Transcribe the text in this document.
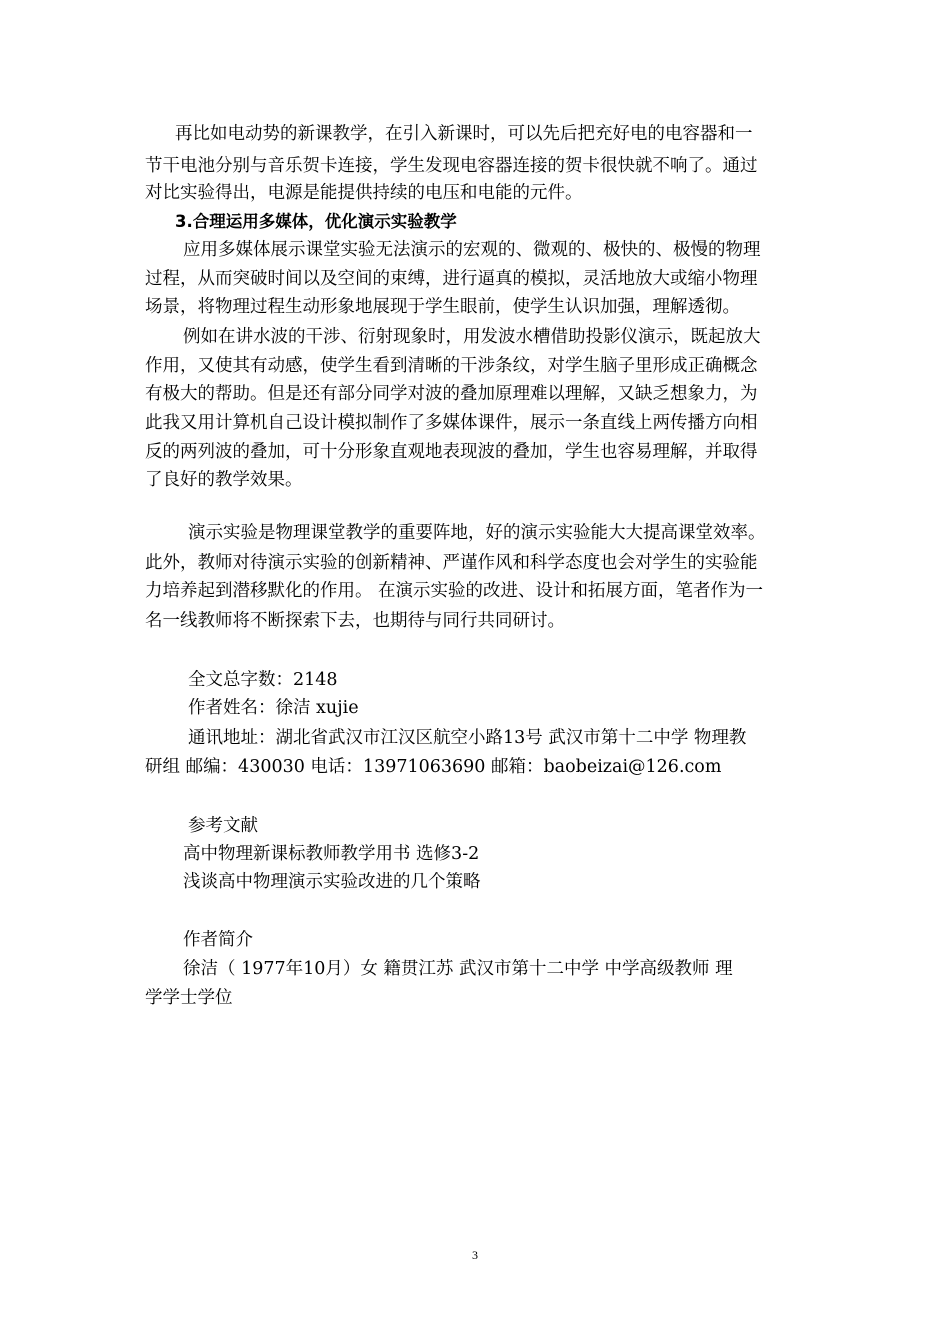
再比如电动势的新课教学，在引入新课时，可以先后把充好电的电容器和一
节干电池分别与音乐贺卡连接，学生发现电容器连接的贺卡很快就不响了。通过
对比实验得出，电源是能提供持续的电压和电能的元件。
3.合理运用多媒体，优化演示实验教学
应用多媒体展示课堂实验无法演示的宏观的、微观的、极快的、极慢的物理
过程，从而突破时间以及空间的束缚，进行逼真的模拟，灵活地放大或缩小物理
场景，将物理过程生动形象地展现于学生眼前，使学生认识加强，理解透彻。
例如在讲水波的干涉、衍射现象时，用发波水槽借助投影仪演示，既起放大
作用，又使其有动感，使学生看到清晰的干涉条纹，对学生脑子里形成正确概念
有极大的帮助。但是还有部分同学对波的叠加原理难以理解，又缺乏想象力，为
此我又用计算机自己设计模拟制作了多媒体课件，展示一条直线上两传播方向相
反的两列波的叠加，可十分形象直观地表现波的叠加，学生也容易理解，并取得
了良好的教学效果。
演示实验是物理课堂教学的重要阵地，好的演示实验能大大提高课堂效率。
此外，教师对待演示实验的创新精神、严谨作风和科学态度也会对学生的实验能
力培养起到潜移默化的作用。 在演示实验的改进、设计和拓展方面，笔者作为一
名一线教师将不断探索下去，也期待与同行共同研讨。
全文总字数：2148
作者姓名：徐洁 xujie
通讯地址：湖北省武汉市江汉区航空小路13号 武汉市第十二中学 物理教
研组 邮编：430030 电话：13971063690 邮箱：baobeizai@126.com
参考文献
高中物理新课标教师教学用书 选修3-2
浅谈高中物理演示实验改进的几个策略
作者简介
徐洁（ 1977年10月）女 籍贯江苏 武汉市第十二中学 中学高级教师 理
学学士学位
3
